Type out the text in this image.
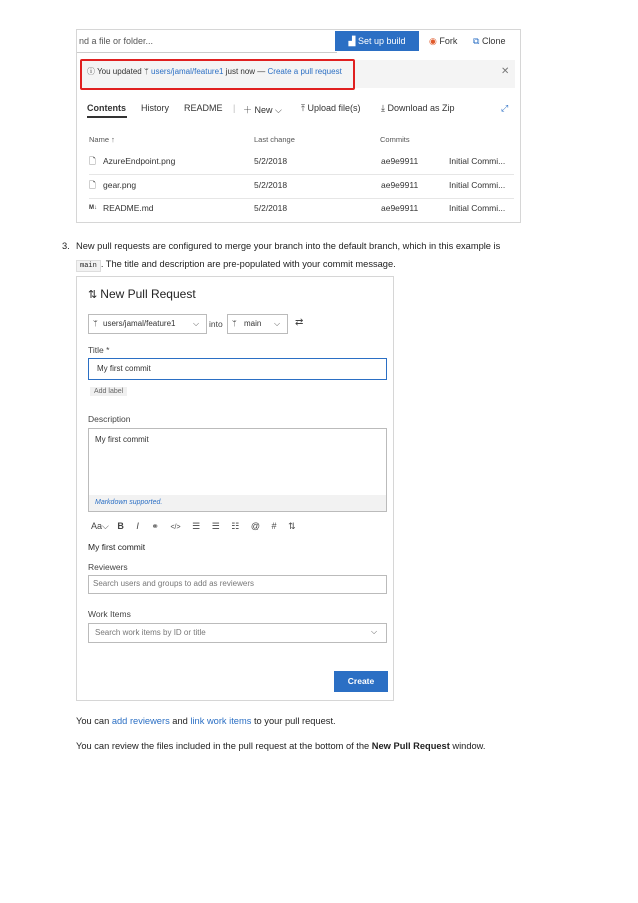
nd a file or folder...	▟ Set up build	◉ Fork ⧉ Clone
ⓘ You updated ᛘ users/jamal/feature1 just now — Create a pull request	✕
Contents History README | ＋ New ⌵ ⤒ Upload file(s) ⤓ Download as Zip	⤢
Name ↑	Last change	Commits
🗋 AzureEndpoint.png	5/2/2018	ae9e9911	Initial Commi...
🗋 gear.png	5/2/2018	ae9e9911	Initial Commi...
M↓ README.md	5/2/2018	ae9e9911	Initial Commi...
3. New pull requests are configured to merge your branch into the default branch, which in this example is
main . The title and description are pre-populated with your commit message.
⇅ New Pull Request
ᛘ users/jamal/feature1 ⌵ into ᛘ main ⌵ ⇄
Title *
My first commit
Add label
Description
My first commit
Markdown supported.
Aa⌵ B I ⚭ </> ☰ ☰ ☷ @ # ⇅
My first commit
Reviewers
Search users and groups to add as reviewers
Work Items
Search work items by ID or title	⌵
Create
You can add reviewers and link work items to your pull request.
You can review the files included in the pull request at the bottom of the New Pull Request window.
